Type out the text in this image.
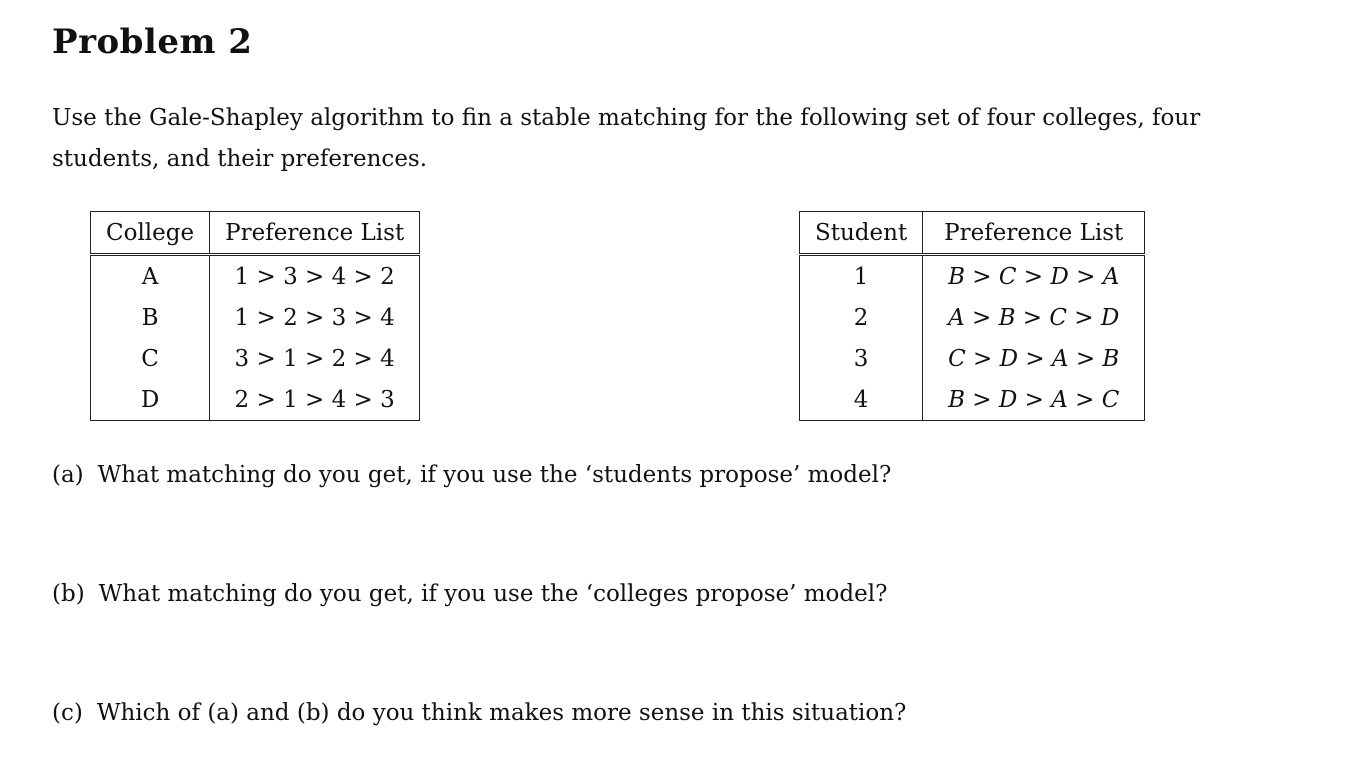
Problem 2
Use the Gale-Shapley algorithm to fin a stable matching for the following set of four colleges, four students, and their preferences.
College	Preference List
A	1 > 3 > 4 > 2
B	1 > 2 > 3 > 4
C	3 > 1 > 2 > 4
D	2 > 1 > 4 > 3
Student	Preference List
1	B > C > D > A
2	A > B > C > D
3	C > D > A > B
4	B > D > A > C
(a) What matching do you get, if you use the ‘students propose’ model?
(b) What matching do you get, if you use the ‘colleges propose’ model?
(c) Which of (a) and (b) do you think makes more sense in this situation?
